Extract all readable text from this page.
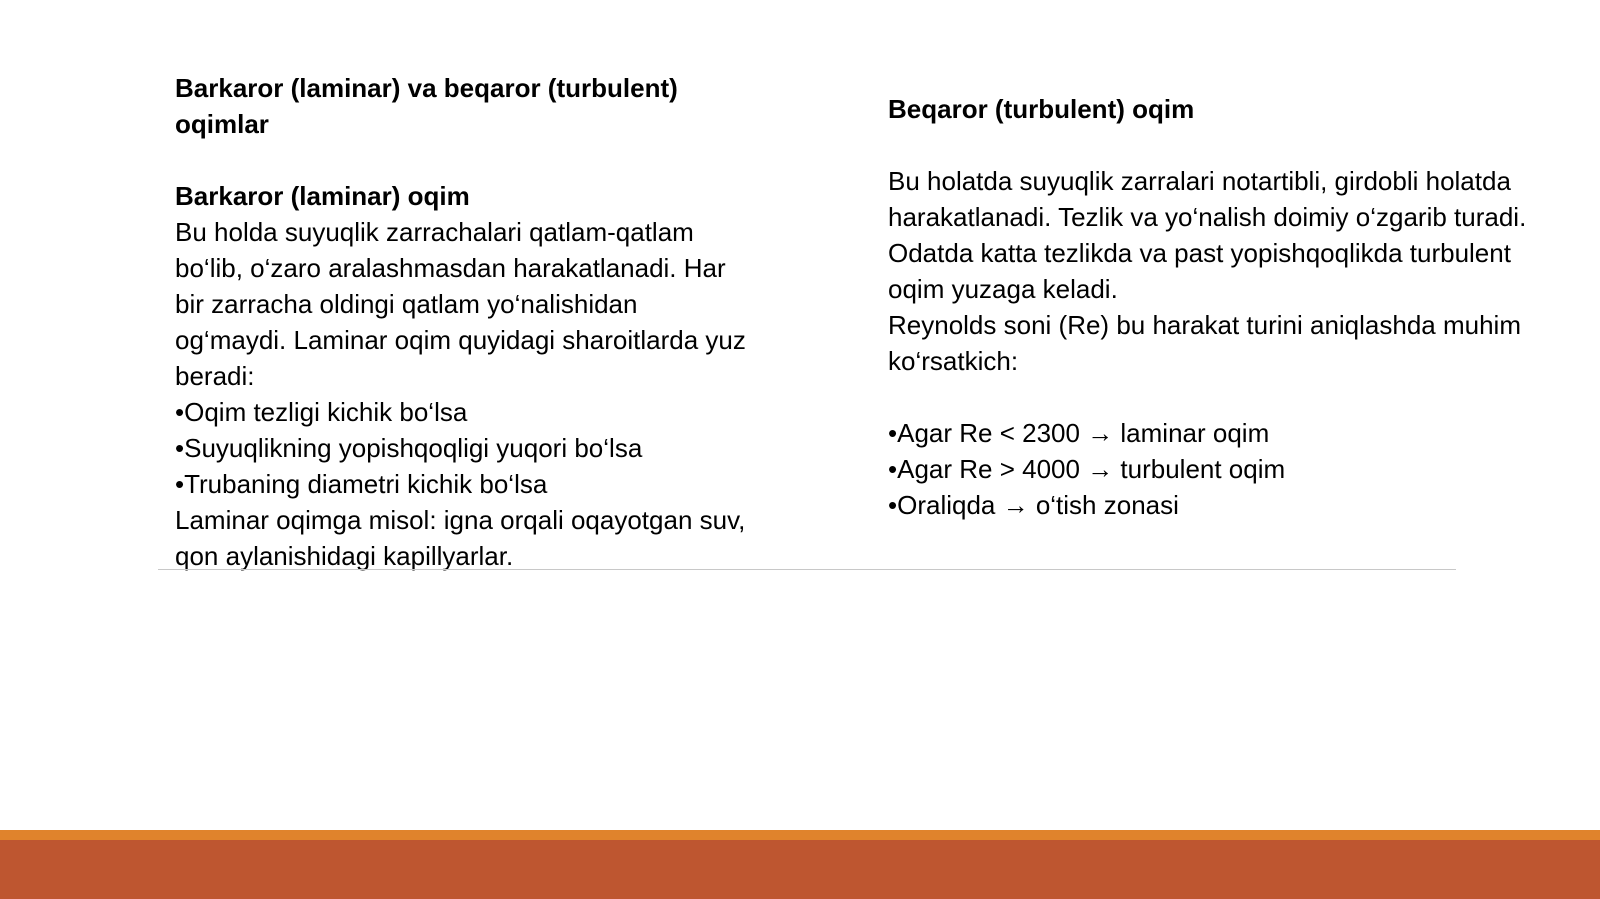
Barkaror (laminar) va beqaror (turbulent)
oqimlar
Barkaror (laminar) oqim
Bu holda suyuqlik zarrachalari qatlam-qatlam
bo‘lib, o‘zaro aralashmasdan harakatlanadi. Har
bir zarracha oldingi qatlam yo‘nalishidan
og‘maydi. Laminar oqim quyidagi sharoitlarda yuz
beradi:
•Oqim tezligi kichik bo‘lsa
•Suyuqlikning yopishqoqligi yuqori bo‘lsa
•Trubaning diametri kichik bo‘lsa
Laminar oqimga misol: igna orqali oqayotgan suv,
qon aylanishidagi kapillyarlar.
Beqaror (turbulent) oqim
Bu holatda suyuqlik zarralari notartibli, girdobli holatda
harakatlanadi. Tezlik va yo‘nalish doimiy o‘zgarib turadi.
Odatda katta tezlikda va past yopishqoqlikda turbulent
oqim yuzaga keladi.
Reynolds soni (Re) bu harakat turini aniqlashda muhim
ko‘rsatkich:
•Agar Re < 2300 → laminar oqim
•Agar Re > 4000 → turbulent oqim
•Oraliqda → o‘tish zonasi
